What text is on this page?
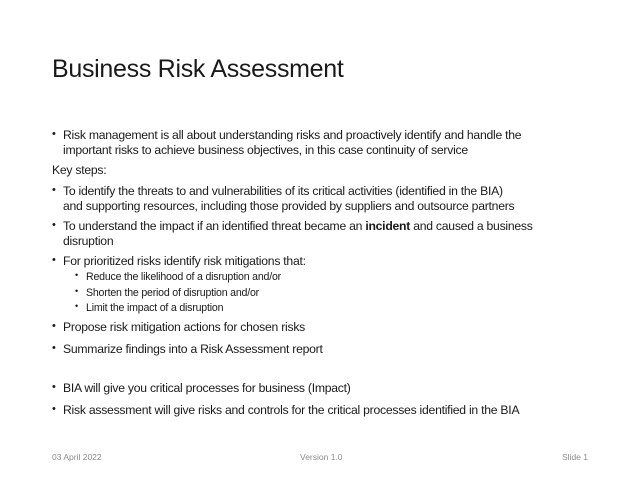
Business Risk Assessment
• Risk management is all about understanding risks and proactively identify and handle the
important risks to achieve business objectives, in this case continuity of service
Key steps:
• To identify the threats to and vulnerabilities of its critical activities (identified in the BIA)
and supporting resources, including those provided by suppliers and outsource partners
• To understand the impact if an identified threat became an incident and caused a business
disruption
• For prioritized risks identify risk mitigations that:
• Reduce the likelihood of a disruption and/or
• Shorten the period of disruption and/or
• Limit the impact of a disruption
• Propose risk mitigation actions for chosen risks
• Summarize findings into a Risk Assessment report
• BIA will give you critical processes for business (Impact)
• Risk assessment will give risks and controls for the critical processes identified in the BIA
03 April 2022	Version 1.0	Slide 1
